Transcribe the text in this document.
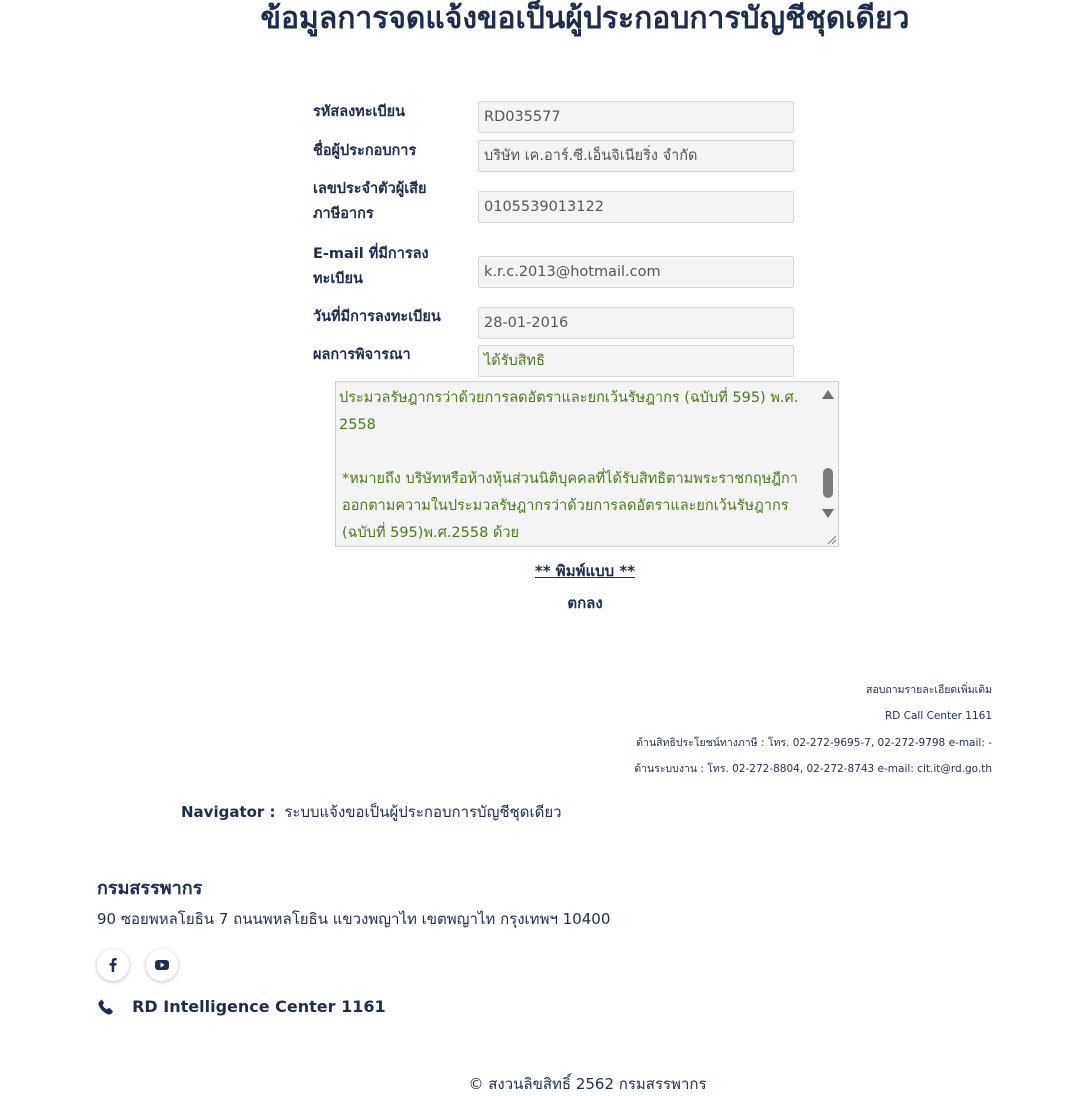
ข้อมูลการจดแจ้งขอเป็นผู้ประกอบการบัญชีชุดเดียว
รหัสลงทะเบียน	RD035577
ชื่อผู้ประกอบการ	บริษัท เค.อาร์.ซี.เอ็นจิเนียริ่ง จำกัด
เลขประจำตัวผู้เสียภาษีอากร	0105539013122
E-mail ที่มีการลงทะเบียน	k.r.c.2013@hotmail.com
วันที่มีการลงทะเบียน	28-01-2016
ผลการพิจารณา	ได้รับสิทธิ

ประมวลรัษฎากรว่าด้วยการลดอัตราและยกเว้นรัษฎากร (ฉบับที่ 595) พ.ศ. 2558

*หมายถึง บริษัทหรือห้างหุ้นส่วนนิติบุคคลที่ได้รับสิทธิตามพระราชกฤษฎีกาออกตามความในประมวลรัษฎากรว่าด้วยการลดอัตราและยกเว้นรัษฎากร (ฉบับที่ 595)พ.ศ.2558 ด้วย

** พิมพ์แบบ **
ตกลง
สอบถามรายละเอียดเพิ่มเติม
RD Call Center 1161
ด้านสิทธิประโยชน์ทางภาษี : โทร. 02-272-9695-7, 02-272-9798 e-mail: -
ด้านระบบงาน : โทร. 02-272-8804, 02-272-8743 e-mail: cit.it@rd.go.th
Navigator : ระบบแจ้งขอเป็นผู้ประกอบการบัญชีชุดเดียว
กรมสรรพากร
90 ซอยพหลโยธิน 7 ถนนพหลโยธิน แขวงพญาไท เขตพญาไท กรุงเทพฯ 10400
RD Intelligence Center 1161
© สงวนลิขสิทธิ์ 2562 กรมสรรพากร
